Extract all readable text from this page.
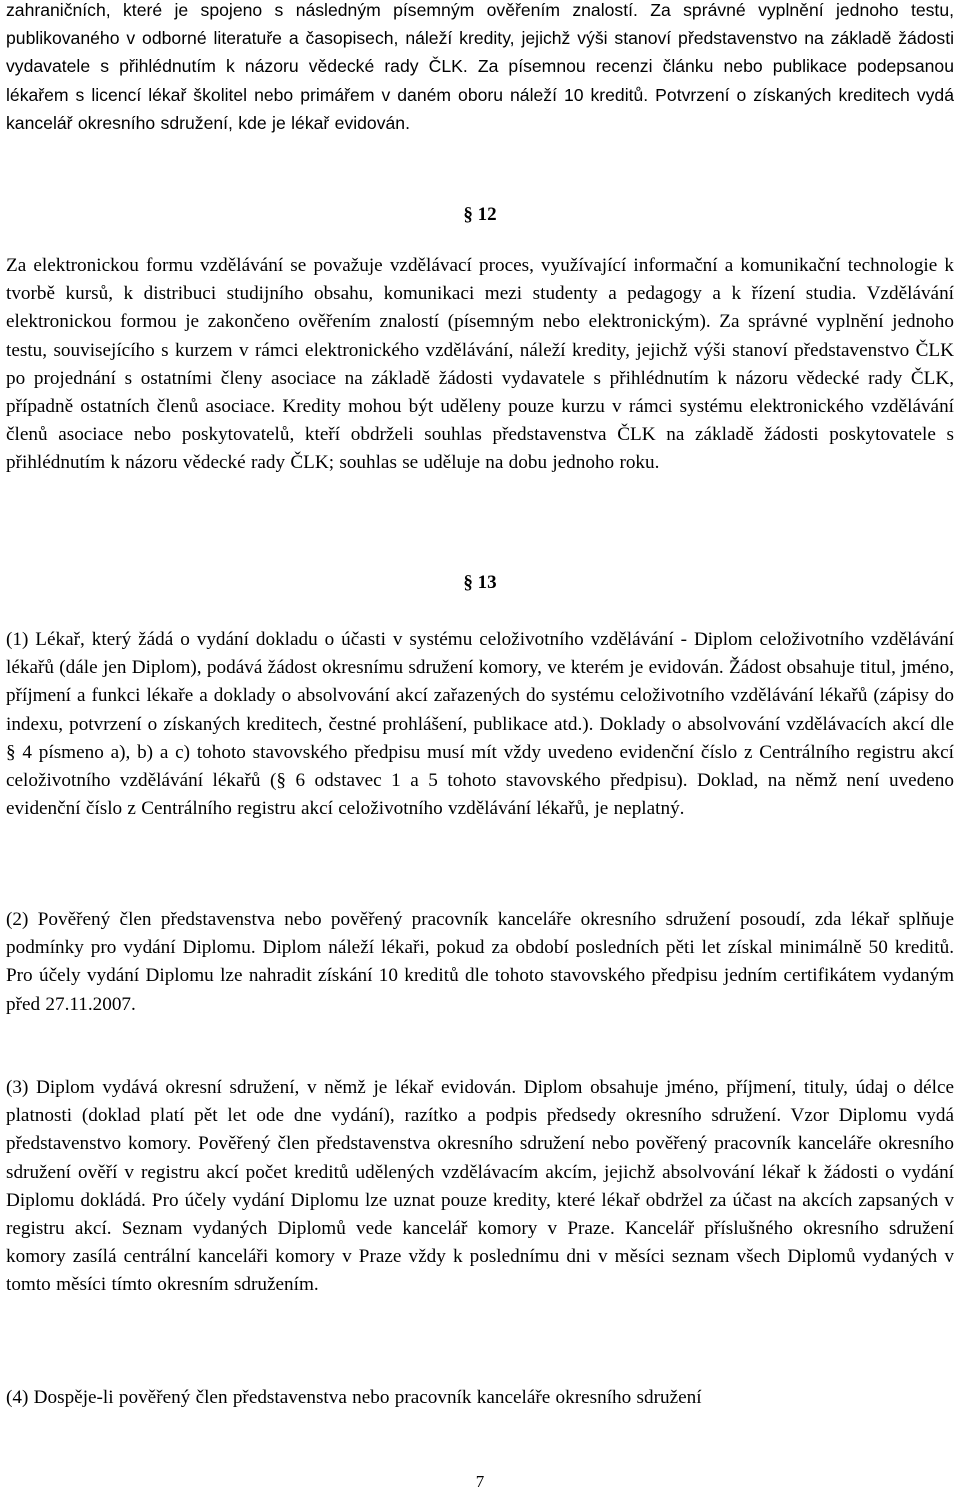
zahraničních, které je spojeno s následným písemným ověřením znalostí. Za správné vyplnění jednoho testu, publikovaného v odborné literatuře a časopisech, náleží kredity, jejichž výši stanoví představenstvo na základě žádosti vydavatele s přihlédnutím k názoru vědecké rady ČLK. Za písemnou recenzi článku nebo publikace podepsanou lékařem s licencí lékař školitel nebo primářem v daném oboru náleží 10 kreditů. Potvrzení o získaných kreditech vydá kancelář okresního sdružení, kde je lékař evidován.

§ 12

Za elektronickou formu vzdělávání se považuje vzdělávací proces, využívající informační a komunikační technologie k tvorbě kursů, k distribuci studijního obsahu, komunikaci mezi studenty a pedagogy a k řízení studia. Vzdělávání elektronickou formou je zakončeno ověřením znalostí (písemným nebo elektronickým). Za správné vyplnění jednoho testu, souvisejícího s kurzem v rámci elektronického vzdělávání, náleží kredity, jejichž výši stanoví představenstvo ČLK po projednání s ostatními členy asociace na základě žádosti vydavatele s přihlédnutím k názoru vědecké rady ČLK, případně ostatních členů asociace. Kredity mohou být uděleny pouze kurzu v rámci systému elektronického vzdělávání členů asociace nebo poskytovatelů, kteří obdrželi souhlas představenstva ČLK na základě žádosti poskytovatele s přihlédnutím k názoru vědecké rady ČLK; souhlas se uděluje na dobu jednoho roku.

§ 13

(1) Lékař, který žádá o vydání dokladu o účasti v systému celoživotního vzdělávání - Diplom celoživotního vzdělávání lékařů (dále jen Diplom), podává žádost okresnímu sdružení komory, ve kterém je evidován. Žádost obsahuje titul, jméno, příjmení a funkci lékaře a doklady o absolvování akcí zařazených do systému celoživotního vzdělávání lékařů (zápisy do indexu, potvrzení o získaných kreditech, čestné prohlášení, publikace atd.). Doklady o absolvování vzdělávacích akcí dle § 4 písmeno a), b) a c) tohoto stavovského předpisu musí mít vždy uvedeno evidenční číslo z Centrálního registru akcí celoživotního vzdělávání lékařů (§ 6 odstavec 1 a 5 tohoto stavovského předpisu). Doklad, na němž není uvedeno evidenční číslo z Centrálního registru akcí celoživotního vzdělávání lékařů, je neplatný.

(2) Pověřený člen představenstva nebo pověřený pracovník kanceláře okresního sdružení posoudí, zda lékař splňuje podmínky pro vydání Diplomu. Diplom náleží lékaři, pokud za období posledních pěti let získal minimálně 50 kreditů. Pro účely vydání Diplomu lze nahradit získání 10 kreditů dle tohoto stavovského předpisu jedním certifikátem vydaným před 27.11.2007.

(3) Diplom vydává okresní sdružení, v němž je lékař evidován. Diplom obsahuje jméno, příjmení, tituly, údaj o délce platnosti (doklad platí pět let ode dne vydání), razítko a podpis předsedy okresního sdružení. Vzor Diplomu vydá představenstvo komory. Pověřený člen představenstva okresního sdružení nebo pověřený pracovník kanceláře okresního sdružení ověří v registru akcí počet kreditů udělených vzdělávacím akcím, jejichž absolvování lékař k žádosti o vydání Diplomu dokládá. Pro účely vydání Diplomu lze uznat pouze kredity, které lékař obdržel za účast na akcích zapsaných v registru akcí. Seznam vydaných Diplomů vede kancelář komory v Praze. Kancelář příslušného okresního sdružení komory zasílá centrální kanceláři komory v Praze vždy k poslednímu dni v měsíci seznam všech Diplomů vydaných v tomto měsíci tímto okresním sdružením.

(4) Dospěje-li pověřený člen představenstva nebo pracovník kanceláře okresního sdružení

7
